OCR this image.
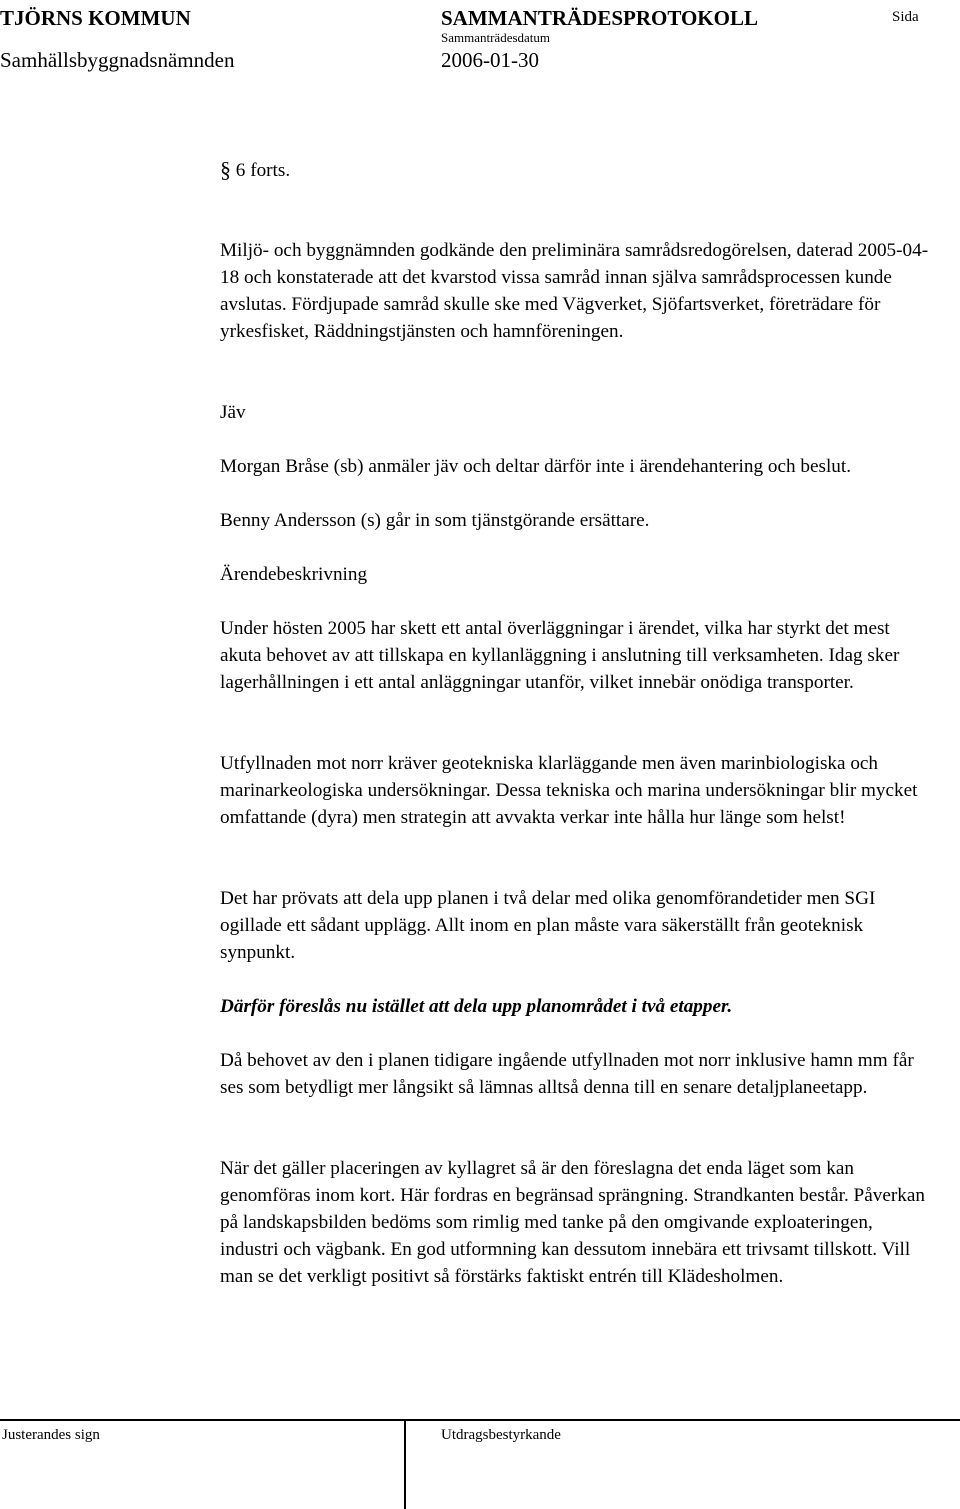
TJÖRNS KOMMUN	SAMMANTRÄDESPROTOKOLL	Sida
Sammanträdesdatum
Samhällsbyggnadsnämnden	2006-01-30
§ 6 forts.

Miljö- och byggnämnden godkände den preliminära samrådsredogörelsen, daterad 2005-04-18 och konstaterade att det kvarstod vissa samråd innan själva samrådsprocessen kunde avslutas. Fördjupade samråd skulle ske med Vägverket, Sjöfartsverket, företrädare för yrkesfisket, Räddningstjänsten och hamnföreningen.

Jäv

Morgan Bråse (sb) anmäler jäv och deltar därför inte i ärendehantering och beslut.

Benny Andersson (s) går in som tjänstgörande ersättare.

Ärendebeskrivning

Under hösten 2005 har skett ett antal överläggningar i ärendet, vilka har styrkt det mest akuta behovet av att tillskapa en kyllanläggning i anslutning till verksamheten. Idag sker lagerhållningen i ett antal anläggningar utanför, vilket innebär onödiga transporter.

Utfyllnaden mot norr kräver geotekniska klarläggande men även marinbiologiska och marinarkeologiska undersökningar. Dessa tekniska och marina undersökningar blir mycket omfattande (dyra) men strategin att avvakta verkar inte hålla hur länge som helst!

Det har prövats att dela upp planen i två delar med olika genomförandetider men SGI ogillade ett sådant upplägg. Allt inom en plan måste vara säkerställt från geoteknisk synpunkt.

Därför föreslås nu istället att dela upp planområdet i två etapper.

Då behovet av den i planen tidigare ingående utfyllnaden mot norr inklusive hamn mm får ses som betydligt mer långsikt så lämnas alltså denna till en senare detaljplaneetapp.

När det gäller placeringen av kyllagret så är den föreslagna det enda läget som kan genomföras inom kort. Här fordras en begränsad sprängning. Strandkanten består. Påverkan på landskapsbilden bedöms som rimlig med tanke på den omgivande exploateringen, industri och vägbank. En god utformning kan dessutom innebära ett trivsamt tillskott. Vill man se det verkligt positivt så förstärks faktiskt entrén till Klädesholmen.

Justerandes sign	Utdragsbestyrkande
